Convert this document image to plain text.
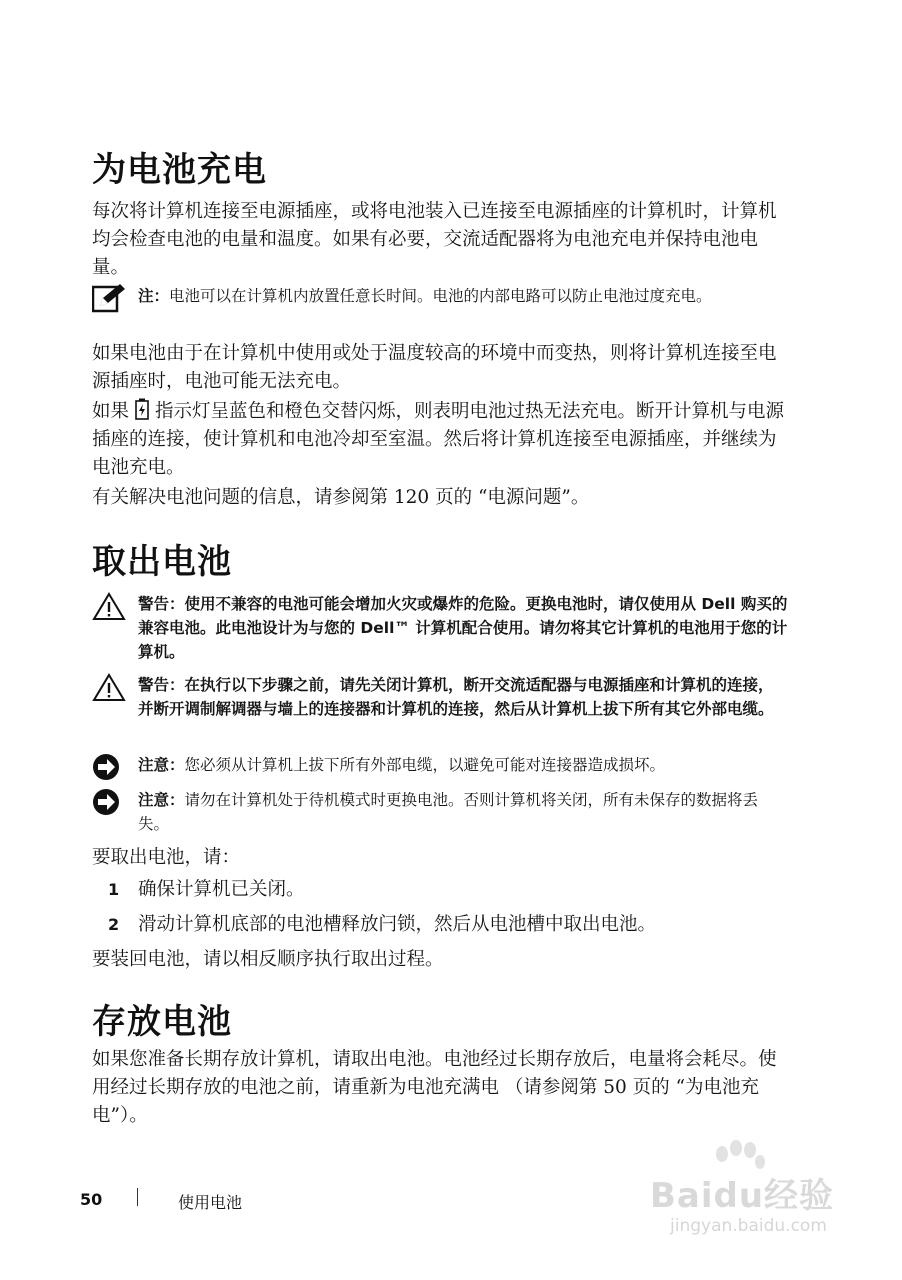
为电池充电
每次将计算机连接至电源插座，或将电池装入已连接至电源插座的计算机时，计算机均会检查电池的电量和温度。如果有必要，交流适配器将为电池充电并保持电池电量。
注：电池可以在计算机内放置任意长时间。电池的内部电路可以防止电池过度充电。
如果电池由于在计算机中使用或处于温度较高的环境中而变热，则将计算机连接至电源插座时，电池可能无法充电。
如果 指示灯呈蓝色和橙色交替闪烁，则表明电池过热无法充电。断开计算机与电源插座的连接，使计算机和电池冷却至室温。然后将计算机连接至电源插座，并继续为电池充电。
有关解决电池问题的信息，请参阅第 120 页的 “电源问题”。
取出电池
警告：使用不兼容的电池可能会增加火灾或爆炸的危险。更换电池时，请仅使用从 Dell 购买的兼容电池。此电池设计为与您的 Dell™ 计算机配合使用。请勿将其它计算机的电池用于您的计算机。
警告：在执行以下步骤之前，请先关闭计算机，断开交流适配器与电源插座和计算机的连接，并断开调制解调器与墙上的连接器和计算机的连接，然后从计算机上拔下所有其它外部电缆。
注意：您必须从计算机上拔下所有外部电缆，以避免可能对连接器造成损坏。
注意：请勿在计算机处于待机模式时更换电池。否则计算机将关闭，所有未保存的数据将丢失。
要取出电池，请：
1 确保计算机已关闭。
2 滑动计算机底部的电池槽释放闩锁，然后从电池槽中取出电池。
要装回电池，请以相反顺序执行取出过程。
存放电池
如果您准备长期存放计算机，请取出电池。电池经过长期存放后，电量将会耗尽。使用经过长期存放的电池之前，请重新为电池充满电 （请参阅第 50 页的 “为电池充电”）。
50	使用电池	Baidu经验
jingyan.baidu.com
